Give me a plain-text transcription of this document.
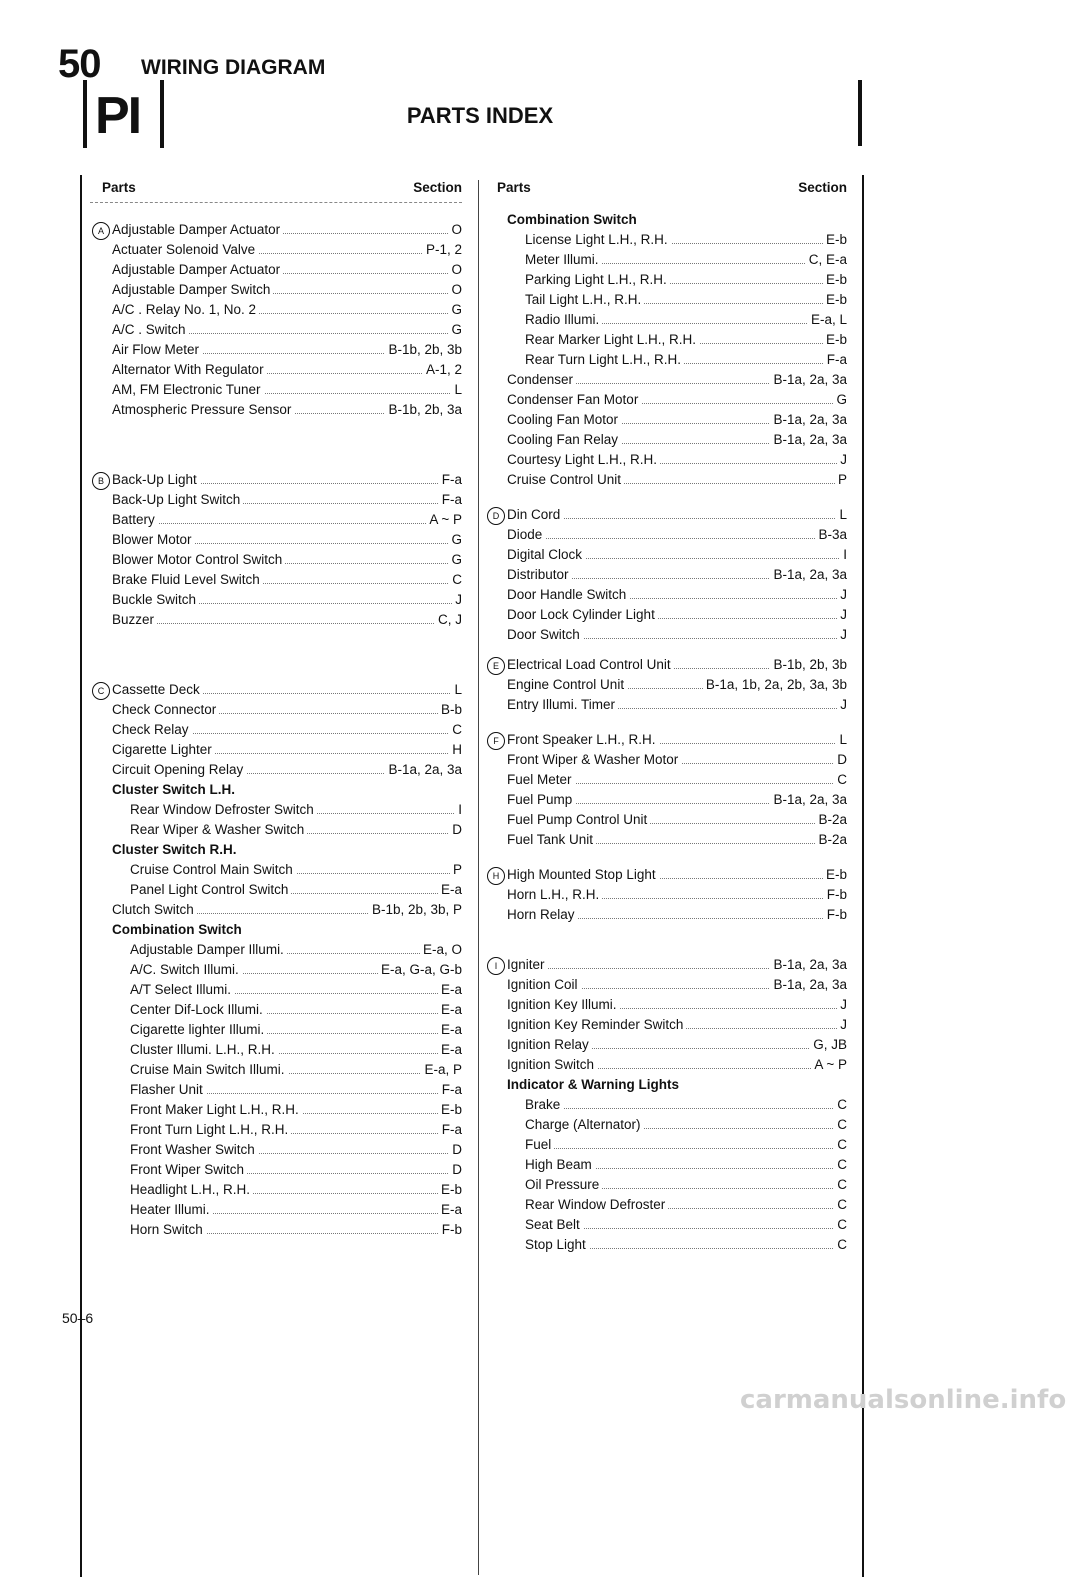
50 WIRING DIAGRAM
PI	PARTS INDEX
Parts	Section
A Adjustable Damper Actuator	O
Actuater Solenoid Valve	P-1, 2
Adjustable Damper Actuator	O
Adjustable Damper Switch	O
A/C . Relay No. 1, No. 2	G
A/C . Switch	G
Air Flow Meter	B-1b, 2b, 3b
Alternator With Regulator	A-1, 2
AM, FM Electronic Tuner	L
Atmospheric Pressure Sensor	B-1b, 2b, 3a
B Back-Up Light	F-a
Back-Up Light Switch	F-a
Battery	A ~ P
Blower Motor	G
Blower Motor Control Switch	G
Brake Fluid Level Switch	C
Buckle Switch	J
Buzzer	C, J
C Cassette Deck	L
Check Connector	B-b
Check Relay	C
Cigarette Lighter	H
Circuit Opening Relay	B-1a, 2a, 3a
Cluster Switch L.H.
Rear Window Defroster Switch	I
Rear Wiper & Washer Switch	D
Cluster Switch R.H.
Cruise Control Main Switch	P
Panel Light Control Switch	E-a
Clutch Switch	B-1b, 2b, 3b, P
Combination Switch
Adjustable Damper Illumi.	E-a, O
A/C. Switch Illumi.	E-a, G-a, G-b
A/T Select Illumi.	E-a
Center Dif-Lock Illumi.	E-a
Cigarette lighter Illumi.	E-a
Cluster Illumi. L.H., R.H.	E-a
Cruise Main Switch Illumi.	E-a, P
Flasher Unit	F-a
Front Maker Light L.H., R.H.	E-b
Front Turn Light L.H., R.H.	F-a
Front Washer Switch	D
Front Wiper Switch	D
Headlight L.H., R.H.	E-b
Heater Illumi.	E-a
Horn Switch	F-b
Parts	Section
Combination Switch
License Light L.H., R.H.	E-b
Meter Illumi.	C, E-a
Parking Light L.H., R.H.	E-b
Tail Light L.H., R.H.	E-b
Radio Illumi.	E-a, L
Rear Marker Light L.H., R.H.	E-b
Rear Turn Light L.H., R.H.	F-a
Condenser	B-1a, 2a, 3a
Condenser Fan Motor	G
Cooling Fan Motor	B-1a, 2a, 3a
Cooling Fan Relay	B-1a, 2a, 3a
Courtesy Light L.H., R.H.	J
Cruise Control Unit	P
D Din Cord	L
Diode	B-3a
Digital Clock	I
Distributor	B-1a, 2a, 3a
Door Handle Switch	J
Door Lock Cylinder Light	J
Door Switch	J
E Electrical Load Control Unit	B-1b, 2b, 3b
Engine Control Unit	B-1a, 1b, 2a, 2b, 3a, 3b
Entry Illumi. Timer	J
F Front Speaker L.H., R.H.	L
Front Wiper & Washer Motor	D
Fuel Meter	C
Fuel Pump	B-1a, 2a, 3a
Fuel Pump Control Unit	B-2a
Fuel Tank Unit	B-2a
H High Mounted Stop Light	E-b
Horn L.H., R.H.	F-b
Horn Relay	F-b
I Igniter	B-1a, 2a, 3a
Ignition Coil	B-1a, 2a, 3a
Ignition Key Illumi.	J
Ignition Key Reminder Switch	J
Ignition Relay	G, JB
Ignition Switch	A ~ P
Indicator & Warning Lights
Brake	C
Charge (Alternator)	C
Fuel	C
High Beam	C
Oil Pressure	C
Rear Window Defroster	C
Seat Belt	C
Stop Light	C
50–6
carmanualsonline.info
